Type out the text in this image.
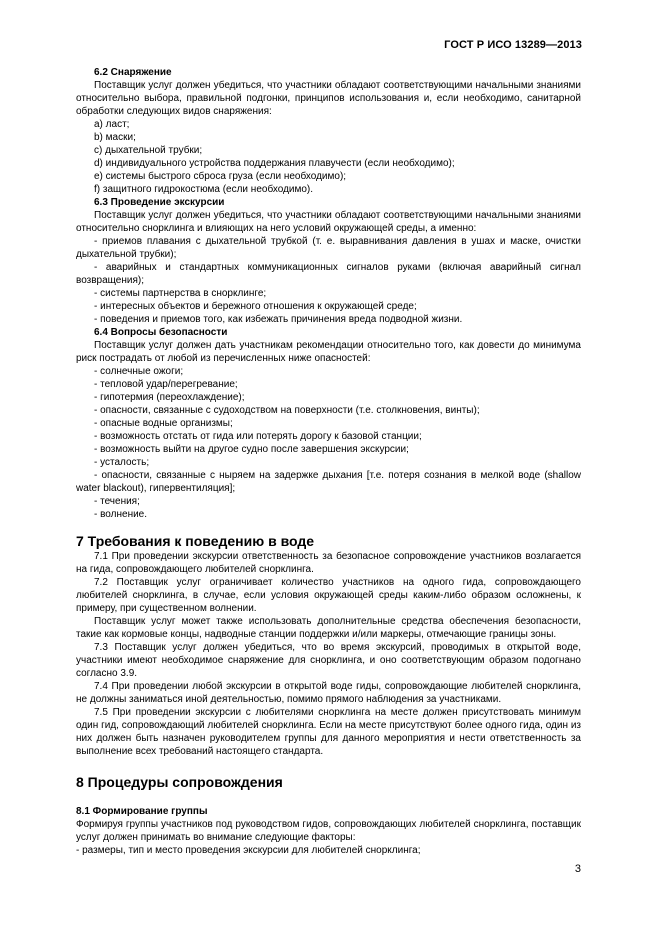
ГОСТ Р ИСО 13289—2013
6.2 Снаряжение
Поставщик услуг должен убедиться, что участники обладают соответствующими начальными знаниями относительно выбора, правильной подгонки, принципов использования и, если необходимо, санитарной обработки следующих видов снаряжения:
a) ласт;
b) маски;
c) дыхательной трубки;
d) индивидуального устройства поддержания плавучести (если необходимо);
e) системы быстрого сброса груза (если необходимо);
f) защитного гидрокостюма (если необходимо).
6.3 Проведение экскурсии
Поставщик услуг должен убедиться, что участники обладают соответствующими начальными знаниями относительно снорклинга и влияющих на него условий окружающей среды, а именно:
- приемов плавания с дыхательной трубкой (т. е. выравнивания давления в ушах и маске, очистки дыхательной трубки);
- аварийных и стандартных коммуникационных сигналов руками (включая аварийный сигнал возвращения);
- системы партнерства в снорклинге;
- интересных объектов и бережного отношения к окружающей среде;
- поведения и приемов того, как избежать причинения вреда подводной жизни.
6.4 Вопросы безопасности
Поставщик услуг должен дать участникам рекомендации относительно того, как довести до минимума риск пострадать от любой из перечисленных ниже опасностей:
- солнечные ожоги;
- тепловой удар/перегревание;
- гипотермия (переохлаждение);
- опасности, связанные с судоходством на поверхности (т.е. столкновения, винты);
- опасные водные организмы;
- возможность отстать от гида или потерять дорогу к базовой станции;
- возможность выйти на другое судно после завершения экскурсии;
- усталость;
- опасности, связанные с ныряем на задержке дыхания [т.е. потеря сознания в мелкой воде (shallow water blackout), гипервентиляция];
- течения;
- волнение.
7 Требования к поведению в воде
7.1 При проведении экскурсии ответственность за безопасное сопровождение участников возлагается на гида, сопровождающего любителей снорклинга.
7.2 Поставщик услуг ограничивает количество участников на одного гида, сопровождающего любителей снорклинга, в случае, если условия окружающей среды каким-либо образом осложнены, к примеру, при существенном волнении.
Поставщик услуг может также использовать дополнительные средства обеспечения безопасности, такие как кормовые концы, надводные станции поддержки и/или маркеры, отмечающие границы зоны.
7.3 Поставщик услуг должен убедиться, что во время экскурсий, проводимых в открытой воде, участники имеют необходимое снаряжение для снорклинга, и оно соответствующим образом подогнано согласно 3.9.
7.4 При проведении любой экскурсии в открытой воде гиды, сопровождающие любителей снорклинга, не должны заниматься иной деятельностью, помимо прямого наблюдения за участниками.
7.5 При проведении экскурсии с любителями снорклинга на месте должен присутствовать минимум один гид, сопровождающий любителей снорклинга. Если на месте присутствуют более одного гида, один из них должен быть назначен руководителем группы для данного мероприятия и нести ответственность за выполнение всех требований настоящего стандарта.
8 Процедуры сопровождения
8.1 Формирование группы
Формируя группы участников под руководством гидов, сопровождающих любителей снорклинга, поставщик услуг должен принимать во внимание следующие факторы:
- размеры, тип и место проведения экскурсии для любителей снорклинга;
3
